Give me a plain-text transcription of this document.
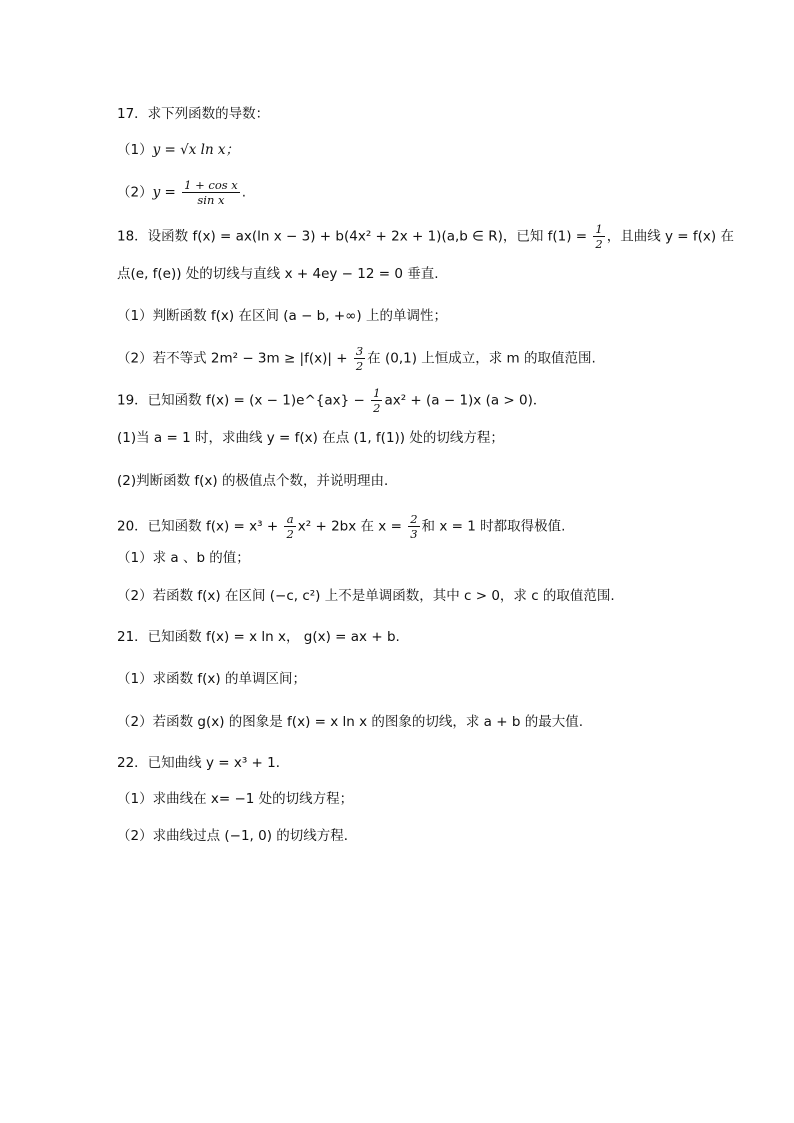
17．求下列函数的导数：
（1）y = √x ln x；
$(2)y = \frac{\text{1 + cos x}}{\text{sin x}}$ .
18．设函数 f(x) = ax(ln x − 3) + b(4x² + 2x + 1)(a,b ∈ R)，已知 $f(1) = \frac{1}{2}$ ，且曲线 y = f(x) 在
点(e, f(e)) 处的切线与直线 x + 4ey − 12 = 0 垂直.
（1）判断函数 f(x) 在区间 (a − b, +∞) 上的单调性；
（2）若不等式 $2m^2 - 3m \ge |f(x)| + \frac{3}{2}$ 在 (0,1) 上恒成立，求 m 的取值范围.
19．已知函数 f(x) = (x − 1)e^{ax} − $\frac{1}{2} ax^2 + (a - 1)x$ (a > 0)．
(1)当 a = 1 时，求曲线 y = f(x) 在点 (1, f(1)) 处的切线方程；
(2)判断函数 f(x) 的极值点个数，并说明理由．
20．已知函数 $f(x) = x^3 + \frac{a}{2} x^2 + 2bx$ 在 $x = \frac{2}{3}$ 和 x = 1 时都取得极值.
（1）求 a 、b 的值；
（2）若函数 f(x) 在区间 (−c, c²) 上不是单调函数，其中 c > 0，求 c 的取值范围.
21．已知函数 f(x) = x ln x， g(x) = ax + b.
（1）求函数 f(x) 的单调区间；
（2）若函数 g(x) 的图象是 f(x) = x ln x 的图象的切线，求 a + b 的最大值.
22．已知曲线 y = x³ + 1．
（1）求曲线在 x= −1 处的切线方程；
（2）求曲线过点 (−1, 0) 的切线方程．
